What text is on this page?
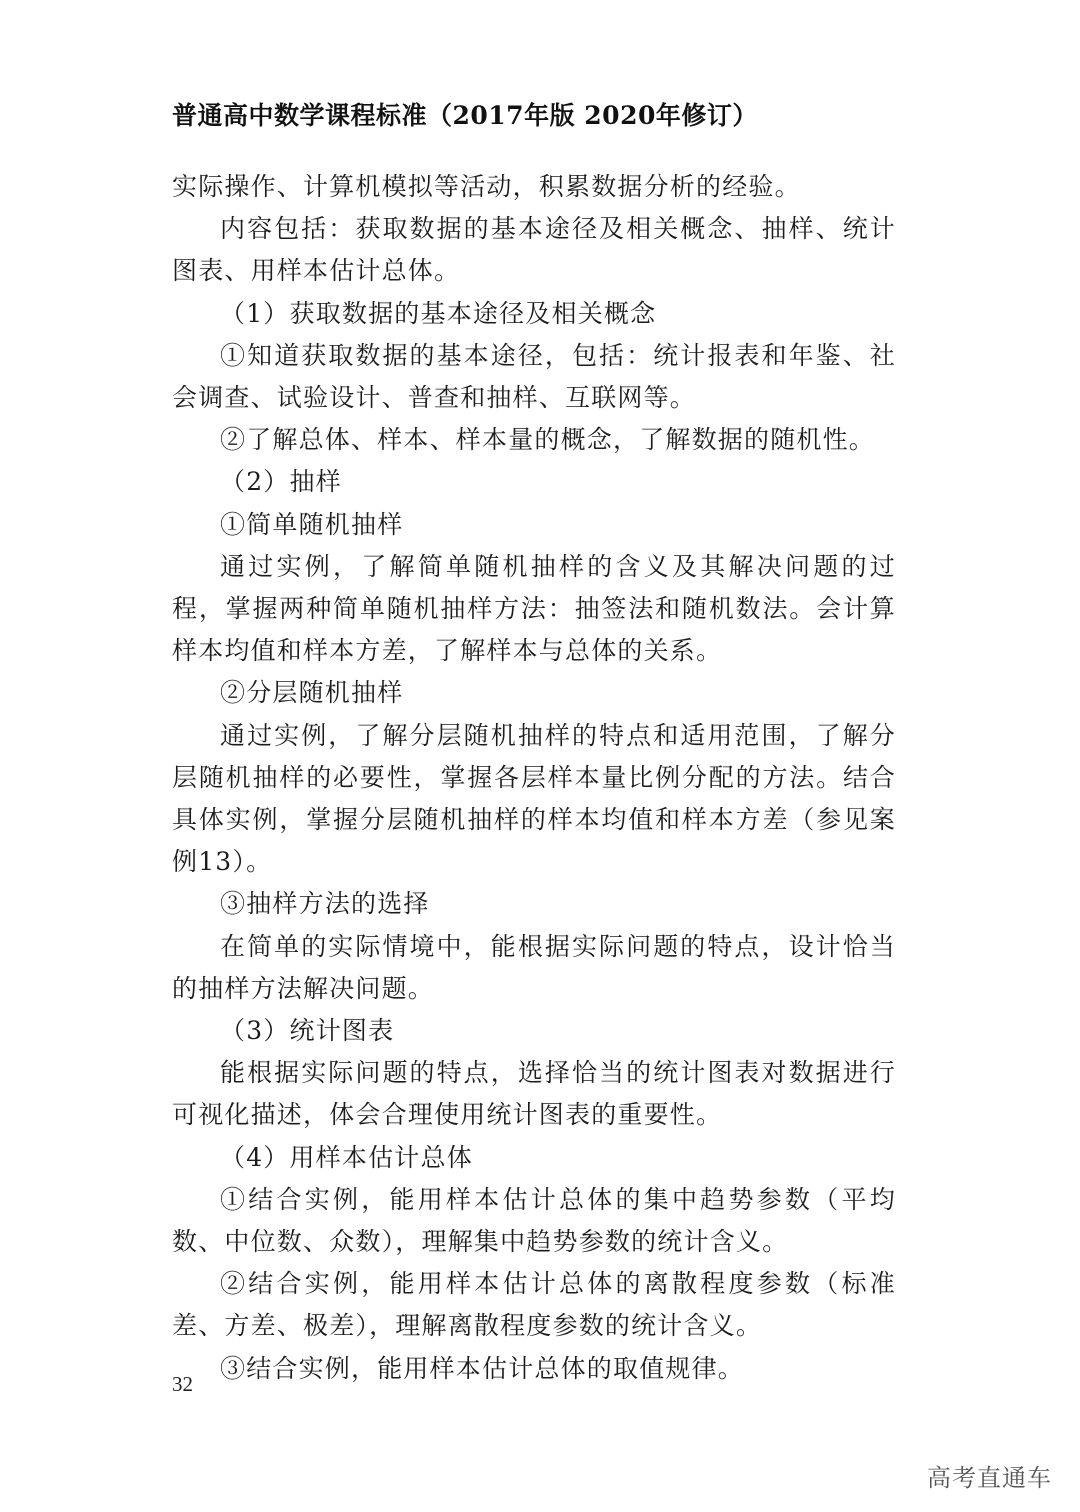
普通高中数学课程标准（2017年版 2020年修订）

实际操作、计算机模拟等活动，积累数据分析的经验。

内容包括：获取数据的基本途径及相关概念、抽样、统计图表、用样本估计总体。

（1）获取数据的基本途径及相关概念

①知道获取数据的基本途径，包括：统计报表和年鉴、社会调查、试验设计、普查和抽样、互联网等。

②了解总体、样本、样本量的概念，了解数据的随机性。

（2）抽样

①简单随机抽样

通过实例，了解简单随机抽样的含义及其解决问题的过程，掌握两种简单随机抽样方法：抽签法和随机数法。会计算样本均值和样本方差，了解样本与总体的关系。

②分层随机抽样

通过实例，了解分层随机抽样的特点和适用范围，了解分层随机抽样的必要性，掌握各层样本量比例分配的方法。结合具体实例，掌握分层随机抽样的样本均值和样本方差（参见案例13）。

③抽样方法的选择

在简单的实际情境中，能根据实际问题的特点，设计恰当的抽样方法解决问题。

（3）统计图表

能根据实际问题的特点，选择恰当的统计图表对数据进行可视化描述，体会合理使用统计图表的重要性。

（4）用样本估计总体

①结合实例，能用样本估计总体的集中趋势参数（平均数、中位数、众数），理解集中趋势参数的统计含义。

②结合实例，能用样本估计总体的离散程度参数（标准差、方差、极差），理解离散程度参数的统计含义。

③结合实例，能用样本估计总体的取值规律。

32
高考直通车
